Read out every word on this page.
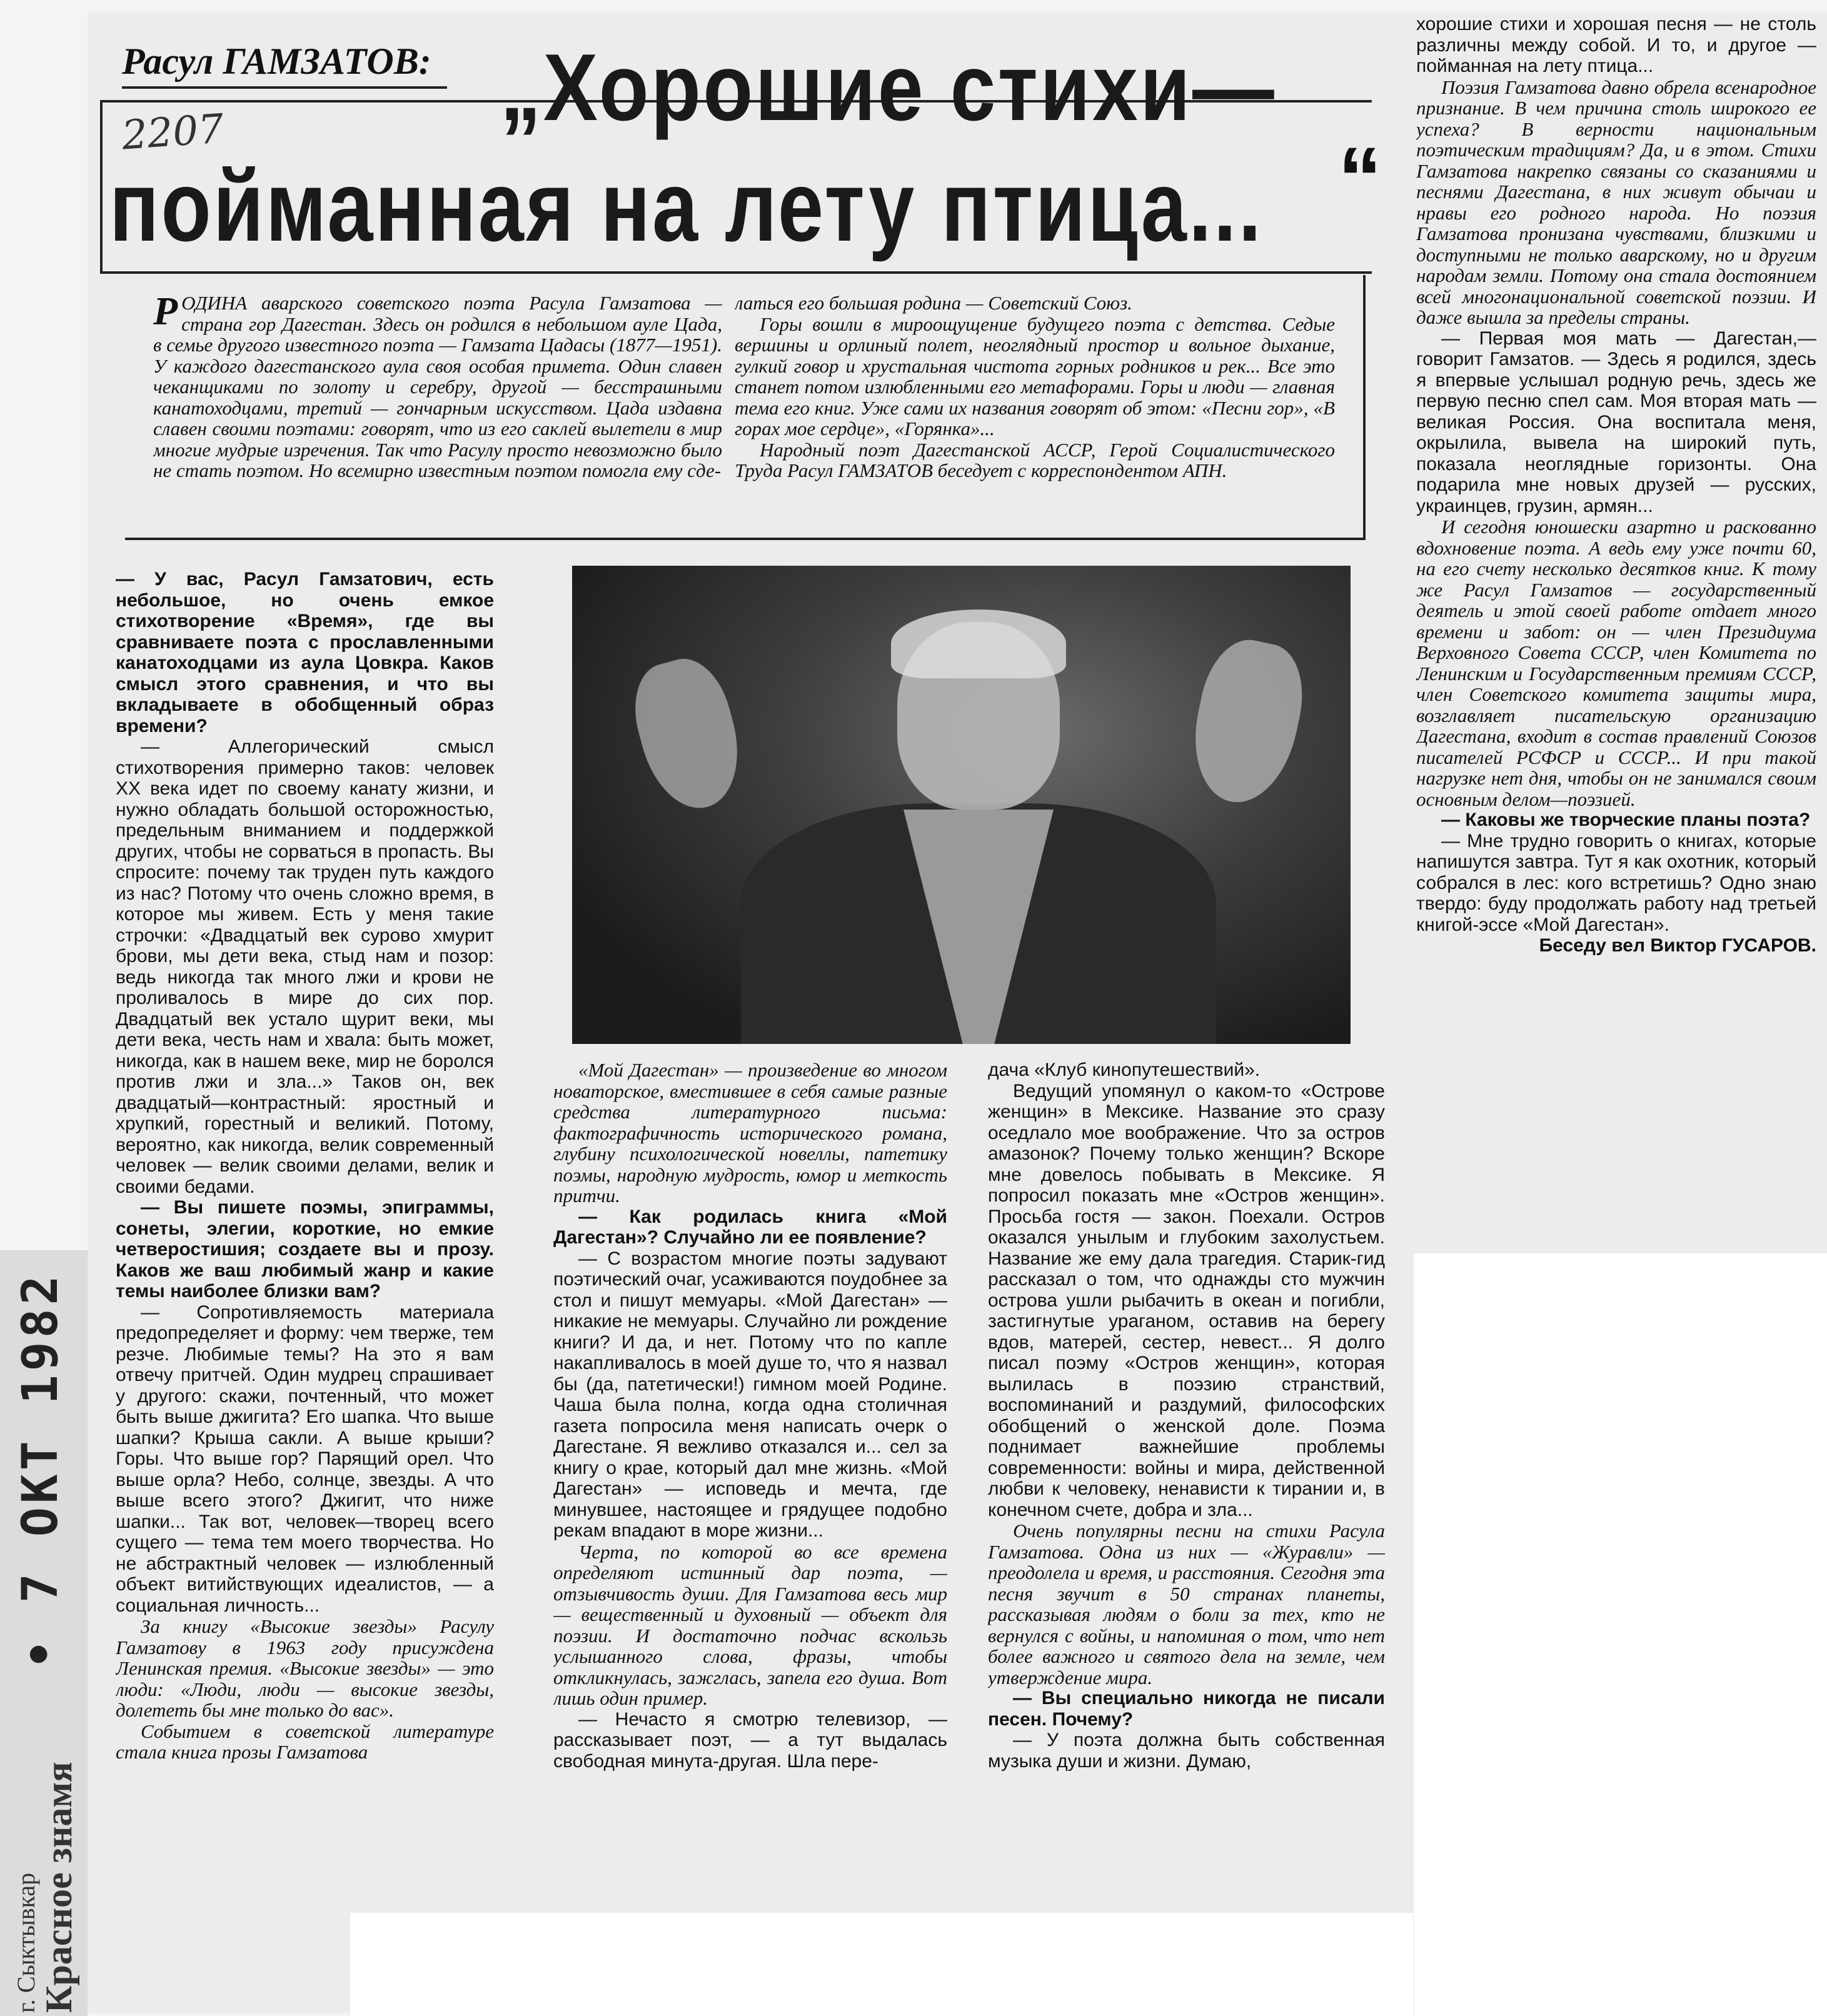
Расул ГАМЗАТОВ:
2207	„Хорошие стихи—
пойманная на лету птица... “
РОДИНА аварского советского поэта Расула Гамзатова — страна гор Дагестан. Здесь он родился в небольшом ауле Цада, в семье другого известного поэта — Гамзата Цадасы (1877—1951). У каждого дагестанского аула своя особая примета. Один славен чеканщиками по золоту и серебру, другой — бесстрашными канатоходцами, третий — гончарным искусством. Цада издавна славен своими поэтами: говорят, что из его саклей вылетели в мир многие мудрые изречения. Так что Расулу просто невозможно было не стать поэтом. Но всемирно известным поэтом помогла ему сде-

латься его большая родина — Советский Союз.

Горы вошли в мироощущение будущего поэта с детства. Седые вершины и орлиный полет, неоглядный простор и вольное дыхание, гулкий говор и хрустальная чистота горных родников и рек... Все это станет потом излюбленными его метафорами. Горы и люди — главная тема его книг. Уже сами их названия говорят об этом: «Песни гор», «В горах мое сердце», «Горянка»...

Народный поэт Дагестанской АССР, Герой Социалистического Труда Расул ГАМЗАТОВ беседует с корреспондентом АПН.

— У вас, Расул Гамзатович, есть небольшое, но очень емкое стихотворение «Время», где вы сравниваете поэта с прославленными канатоходцами из аула Цовкра. Каков смысл этого сравнения, и что вы вкладываете в обобщенный образ времени?

— Аллегорический смысл стихотворения примерно таков: человек XX века идет по своему канату жизни, и нужно обладать большой осторожностью, предельным вниманием и поддержкой других, чтобы не сорваться в пропасть. Вы спросите: почему так труден путь каждого из нас? Потому что очень сложно время, в которое мы живем. Есть у меня такие строчки: «Двадцатый век сурово хмурит брови, мы дети века, стыд нам и позор: ведь никогда так много лжи и крови не проливалось в мире до сих пор. Двадцатый век устало щурит веки, мы дети века, честь нам и хвала: быть может, никогда, как в нашем веке, мир не боролся против лжи и зла...» Таков он, век двадцатый—контрастный: яростный и хрупкий, горестный и великий. Потому, вероятно, как никогда, велик современный человек — велик своими делами, велик и своими бедами.

— Вы пишете поэмы, эпиграммы, сонеты, элегии, короткие, но емкие четверостишия; создаете вы и прозу. Каков же ваш любимый жанр и какие темы наиболее близки вам?

— Сопротивляемость материала предопределяет и форму: чем тверже, тем резче. Любимые темы? На это я вам отвечу притчей. Один мудрец спрашивает у другого: скажи, почтенный, что может быть выше джигита? Его шапка. Что выше шапки? Крыша сакли. А выше крыши? Горы. Что выше гор? Парящий орел. Что выше орла? Небо, солнце, звезды. А что выше всего этого? Джигит, что ниже шапки... Так вот, человек—творец всего сущего — тема тем моего творчества. Но не абстрактный человек — излюбленный объект витийствующих идеалистов, — а социальная личность...

За книгу «Высокие звезды» Расулу Гамзатову в 1963 году присуждена Ленинская премия. «Высокие звезды» — это люди: «Люди, люди — высокие звезды, долететь бы мне только до вас».

Событием в советской литературе стала книга прозы Гамзатова

«Мой Дагестан» — произведение во многом новаторское, вместившее в себя самые разные средства литературного письма: фактографичность исторического романа, глубину психологической новеллы, патетику поэмы, народную мудрость, юмор и меткость притчи.

— Как родилась книга «Мой Дагестан»? Случайно ли ее появление?

— С возрастом многие поэты задувают поэтический очаг, усаживаются поудобнее за стол и пишут мемуары. «Мой Дагестан» — никакие не мемуары. Случайно ли рождение книги? И да, и нет. Потому что по капле накапливалось в моей душе то, что я назвал бы (да, патетически!) гимном моей Родине. Чаша была полна, когда одна столичная газета попросила меня написать очерк о Дагестане. Я вежливо отказался и... сел за книгу о крае, который дал мне жизнь. «Мой Дагестан» — исповедь и мечта, где минувшее, настоящее и грядущее подобно рекам впадают в море жизни...

Черта, по которой во все времена определяют истинный дар поэта, — отзывчивость души. Для Гамзатова весь мир — вещественный и духовный — объект для поэзии. И достаточно подчас вскользь услышанного слова, фразы, чтобы откликнулась, зажглась, запела его душа. Вот лишь один пример.

— Нечасто я смотрю телевизор, — рассказывает поэт, — а тут выдалась свободная минута-другая. Шла пере-

дача «Клуб кинопутешествий».

Ведущий упомянул о каком-то «Острове женщин» в Мексике. Название это сразу оседлало мое воображение. Что за остров амазонок? Почему только женщин? Вскоре мне довелось побывать в Мексике. Я попросил показать мне «Остров женщин». Просьба гостя — закон. Поехали. Остров оказался унылым и глубоким захолустьем. Название же ему дала трагедия. Старик-гид рассказал о том, что однажды сто мужчин острова ушли рыбачить в океан и погибли, застигнутые ураганом, оставив на берегу вдов, матерей, сестер, невест... Я долго писал поэму «Остров женщин», которая вылилась в поэзию странствий, воспоминаний и раздумий, философских обобщений о женской доле. Поэма поднимает важнейшие проблемы современности: войны и мира, действенной любви к человеку, ненависти к тирании и, в конечном счете, добра и зла...

Очень популярны песни на стихи Расула Гамзатова. Одна из них — «Журавли» — преодолела и время, и расстояния. Сегодня эта песня звучит в 50 странах планеты, рассказывая людям о боли за тех, кто не вернулся с войны, и напоминая о том, что нет более важного и святого дела на земле, чем утверждение мира.

— Вы специально никогда не писали песен. Почему?

— У поэта должна быть собственная музыка души и жизни. Думаю,

хорошие стихи и хорошая песня — не столь различны между собой. И то, и другое — пойманная на лету птица...

Поэзия Гамзатова давно обрела всенародное признание. В чем причина столь широкого ее успеха? В верности национальным поэтическим традициям? Да, и в этом. Стихи Гамзатова накрепко связаны со сказаниями и песнями Дагестана, в них живут обычаи и нравы его родного народа. Но поэзия Гамзатова пронизана чувствами, близкими и доступными не только аварскому, но и другим народам земли. Потому она стала достоянием всей многонациональной советской поэзии. И даже вышла за пределы страны.

— Первая моя мать — Дагестан,— говорит Гамзатов. — Здесь я родился, здесь я впервые услышал родную речь, здесь же первую песню спел сам. Моя вторая мать — великая Россия. Она воспитала меня, окрылила, вывела на широкий путь, показала неоглядные горизонты. Она подарила мне новых друзей — русских, украинцев, грузин, армян...

И сегодня юношески азартно и раскованно вдохновение поэта. А ведь ему уже почти 60, на его счету несколько десятков книг. К тому же Расул Гамзатов — государственный деятель и этой своей работе отдает много времени и забот: он — член Президиума Верховного Совета СССР, член Комитета по Ленинским и Государственным премиям СССР, член Советского комитета защиты мира, возглавляет писательскую организацию Дагестана, входит в состав правлений Союзов писателей РСФСР и СССР... И при такой нагрузке нет дня, чтобы он не занимался своим основным делом—поэзией.

— Каковы же творческие планы поэта?

— Мне трудно говорить о книгах, которые напишутся завтра. Тут я как охотник, который собрался в лес: кого встретишь? Одно знаю твердо: буду продолжать работу над третьей книгой-эссе «Мой Дагестан».

Беседу вел Виктор ГУСАРОВ.

• 7 ОКТ 1982
г. Сыктывкар
Красное знамя
